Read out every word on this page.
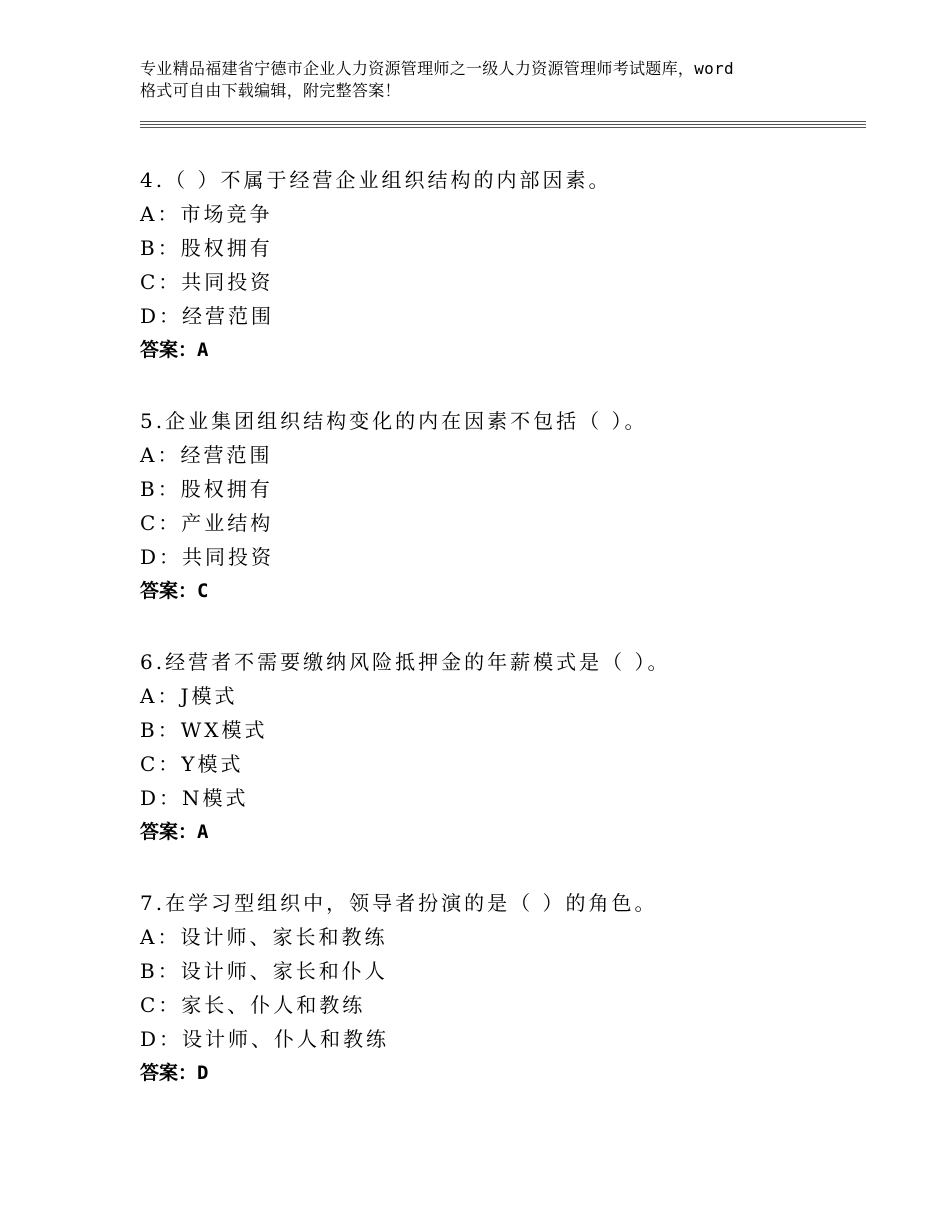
专业精品福建省宁德市企业人力资源管理师之一级人力资源管理师考试题库，word
格式可自由下载编辑，附完整答案！
4.（ ）不属于经营企业组织结构的内部因素。
A：市场竞争
B：股权拥有
C：共同投资
D：经营范围
答案：A
5.企业集团组织结构变化的内在因素不包括（ ）。
A：经营范围
B：股权拥有
C：产业结构
D：共同投资
答案：C
6.经营者不需要缴纳风险抵押金的年薪模式是（ ）。
A：J模式
B：WX模式
C：Y模式
D：N模式
答案：A
7.在学习型组织中，领导者扮演的是（ ）的角色。
A：设计师、家长和教练
B：设计师、家长和仆人
C：家长、仆人和教练
D：设计师、仆人和教练
答案：D
